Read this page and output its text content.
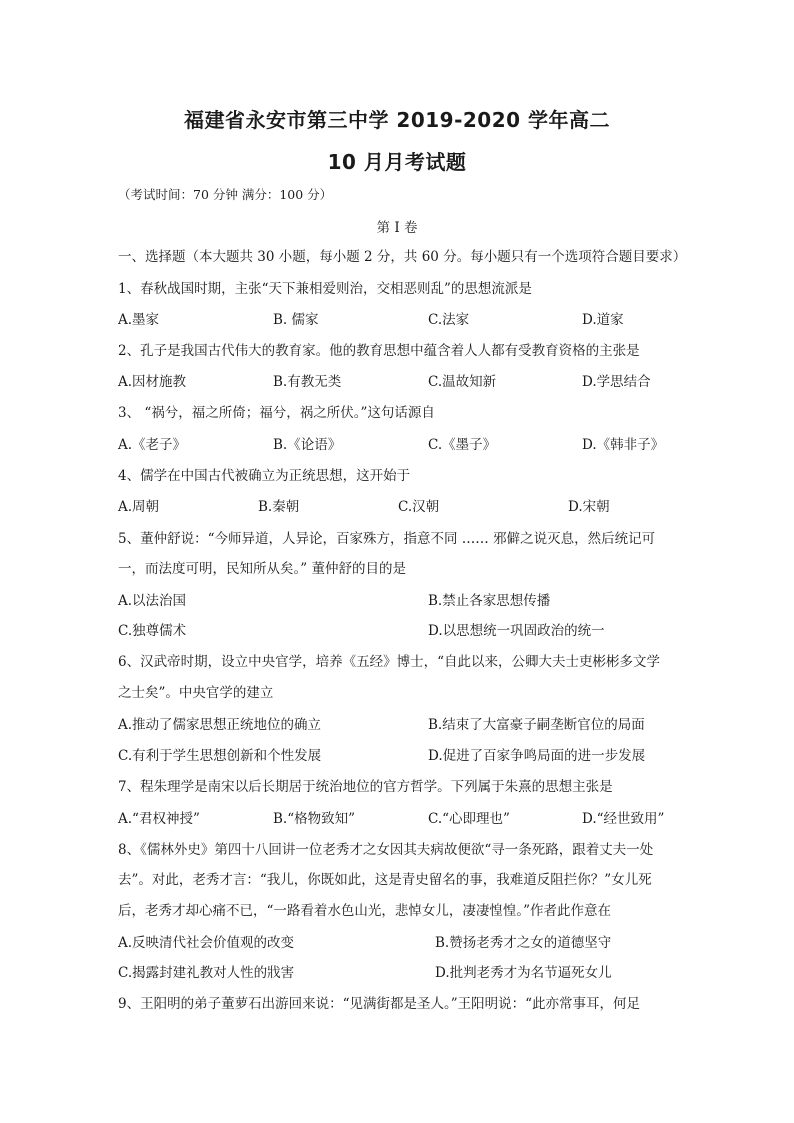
福建省永安市第三中学 2019-2020 学年高二
10 月月考试题
（考试时间：70 分钟 满分：100 分）
第 I 卷
一、选择题（本大题共 30 小题，每小题 2 分，共 60 分。每小题只有一个选项符合题目要求）
1、春秋战国时期，主张“天下兼相爱则治，交相恶则乱”的思想流派是
A.墨家	B. 儒家	C.法家	D.道家
2、孔子是我国古代伟大的教育家。他的教育思想中蕴含着人人都有受教育资格的主张是
A.因材施教	B.有教无类	C.温故知新	D.学思结合
3、 “祸兮，福之所倚；福兮，祸之所伏。”这句话源自
A.《老子》	B.《论语》	C.《墨子》	D.《韩非子》
4、儒学在中国古代被确立为正统思想，这开始于
A.周朝	B.秦朝	C.汉朝	D.宋朝
5、董仲舒说：“今师异道，人异论，百家殊方，指意不同 …… 邪僻之说灭息，然后统记可
一，而法度可明，民知所从矣。” 董仲舒的目的是
A.以法治国	B.禁止各家思想传播
C.独尊儒术	D.以思想统一巩固政治的统一
6、汉武帝时期，设立中央官学，培养《五经》博士，“自此以来，公卿大夫士吏彬彬多文学
之士矣”。中央官学的建立
A.推动了儒家思想正统地位的确立	B.结束了大富豪子嗣垄断官位的局面
C.有利于学生思想创新和个性发展	D.促进了百家争鸣局面的进一步发展
7、程朱理学是南宋以后长期居于统治地位的官方哲学。下列属于朱熹的思想主张是
A.“君权神授”	B.“格物致知”	C.“心即理也”	D.“经世致用”
8、《儒林外史》第四十八回讲一位老秀才之女因其夫病故便欲“寻一条死路，跟着丈夫一处
去”。对此，老秀才言：“我儿，你既如此，这是青史留名的事，我难道反阻拦你？”女儿死
后，老秀才却心痛不已，“一路看着水色山光，悲悼女儿，凄凄惶惶。”作者此作意在
A.反映清代社会价值观的改变	B.赞扬老秀才之女的道德坚守
C.揭露封建礼教对人性的戕害	D.批判老秀才为名节逼死女儿
9、王阳明的弟子董萝石出游回来说：“见满街都是圣人。”王阳明说：“此亦常事耳，何足
